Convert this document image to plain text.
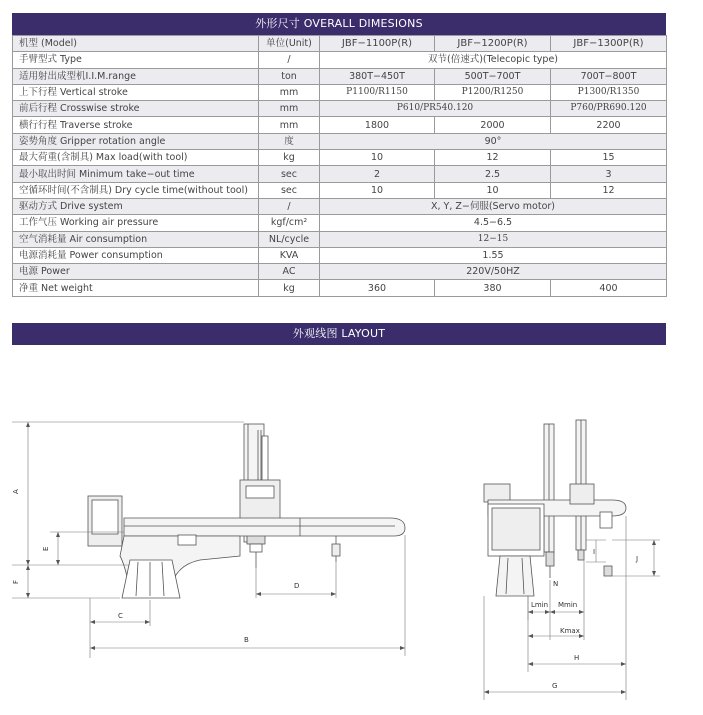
外形尺寸 OVERALL DIMESIONS
机型 (Model)	单位(Unit)	JBF−1100P(R)	JBF−1200P(R)	JBF−1300P(R)
手臂型式 Type	/	双节(倍速式)(Telecopic type)		
适用射出成型机I.I.M.range	ton	380T−450T	500T−700T	700T−800T
上下行程 Vertical stroke	mm	P1100/R1150	P1200/R1250	P1300/R1350
前后行程 Crosswise stroke	mm	P610/PR540.120		P760/PR690.120
横行行程 Traverse stroke	mm	1800	2000	2200
姿势角度 Gripper rotation angle	度	90°		
最大荷重(含制具) Max load(with tool)	kg	10	12	15
最小取出时间 Minimum take−out time	sec	2	2.5	3
空循环时间(不含制具) Dry cycle time(without tool)	sec	10	10	12
驱动方式 Drive system	/	X, Y, Z−伺服(Servo motor)		
工作气压 Working air pressure	kgf/cm²	4.5−6.5		
空气消耗量 Air consumption	NL/cycle	12−15		
电源消耗量 Power consumption	KVA	1.55		
电源 Power	AC	220V/50HZ		
净重 Net weight	kg	360	380	400
外观线图 LAYOUT
A
F
E
C
B
D
Lmin Mmin
Kmax
H
G
I
J
N
